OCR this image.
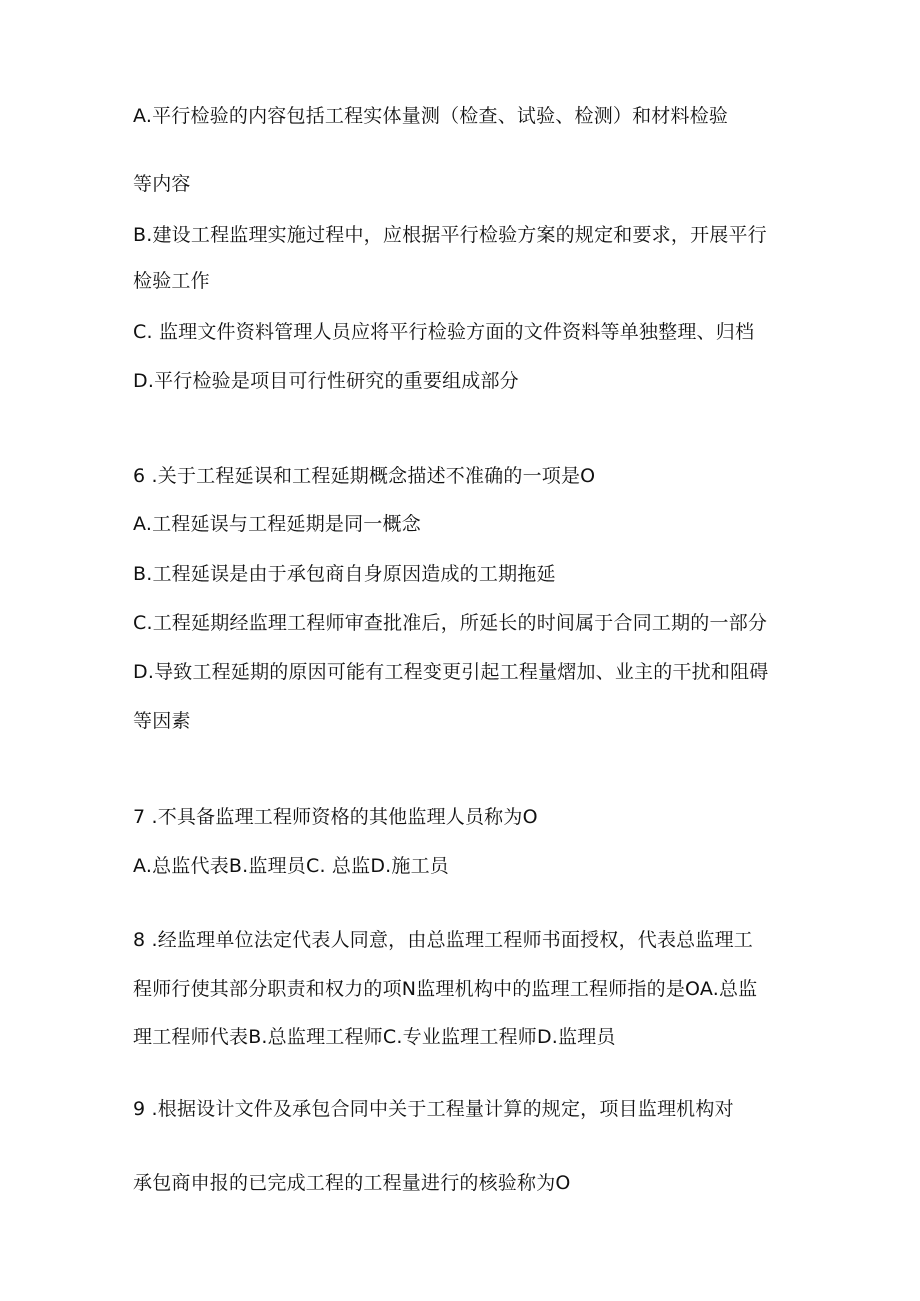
A.平行检验的内容包括工程实体量测（检查、试验、检测）和材料检验

等内容

B.建设工程监理实施过程中，应根据平行检验方案的规定和要求，开展平行

检验工作

C. 监理文件资料管理人员应将平行检验方面的文件资料等单独整理、归档

D.平行检验是项目可行性研究的重要组成部分

6 .关于工程延误和工程延期概念描述不准确的一项是O

A.工程延误与工程延期是同一概念

B.工程延误是由于承包商自身原因造成的工期拖延

C.工程延期经监理工程师审查批准后，所延长的时间属于合同工期的一部分

D.导致工程延期的原因可能有工程变更引起工程量熠加、业主的干扰和阻碍

等因素

7 .不具备监理工程师资格的其他监理人员称为O

A.总监代表B.监理员C. 总监D.施工员

8 .经监理单位法定代表人同意，由总监理工程师书面授权，代表总监理工

程师行使其部分职责和权力的项N监理机构中的监理工程师指的是OA.总监

理工程师代表B.总监理工程师C.专业监理工程师D.监理员

9 .根据设计文件及承包合同中关于工程量计算的规定，项目监理机构对

承包商申报的已完成工程的工程量进行的核验称为O
